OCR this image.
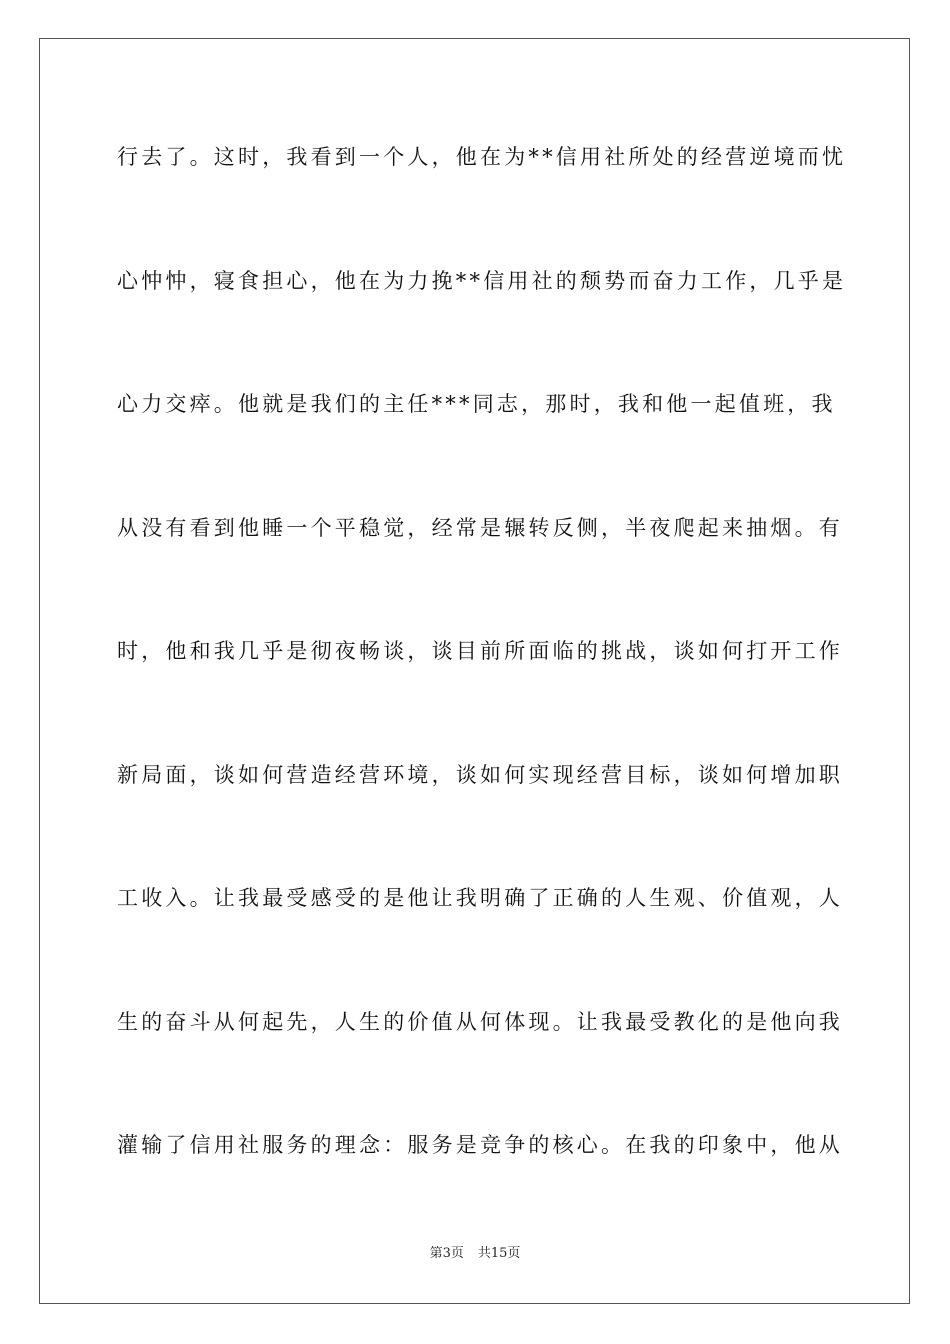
行去了。这时，我看到一个人，他在为**信用社所处的经营逆境而忧
心忡忡，寝食担心，他在为力挽**信用社的颓势而奋力工作，几乎是
心力交瘁。他就是我们的主任***同志，那时，我和他一起值班，我
从没有看到他睡一个平稳觉，经常是辗转反侧，半夜爬起来抽烟。有
时，他和我几乎是彻夜畅谈，谈目前所面临的挑战，谈如何打开工作
新局面，谈如何营造经营环境，谈如何实现经营目标，谈如何增加职
工收入。让我最受感受的是他让我明确了正确的人生观、价值观，人
生的奋斗从何起先，人生的价值从何体现。让我最受教化的是他向我
灌输了信用社服务的理念：服务是竞争的核心。在我的印象中，他从
第3页 共15页
